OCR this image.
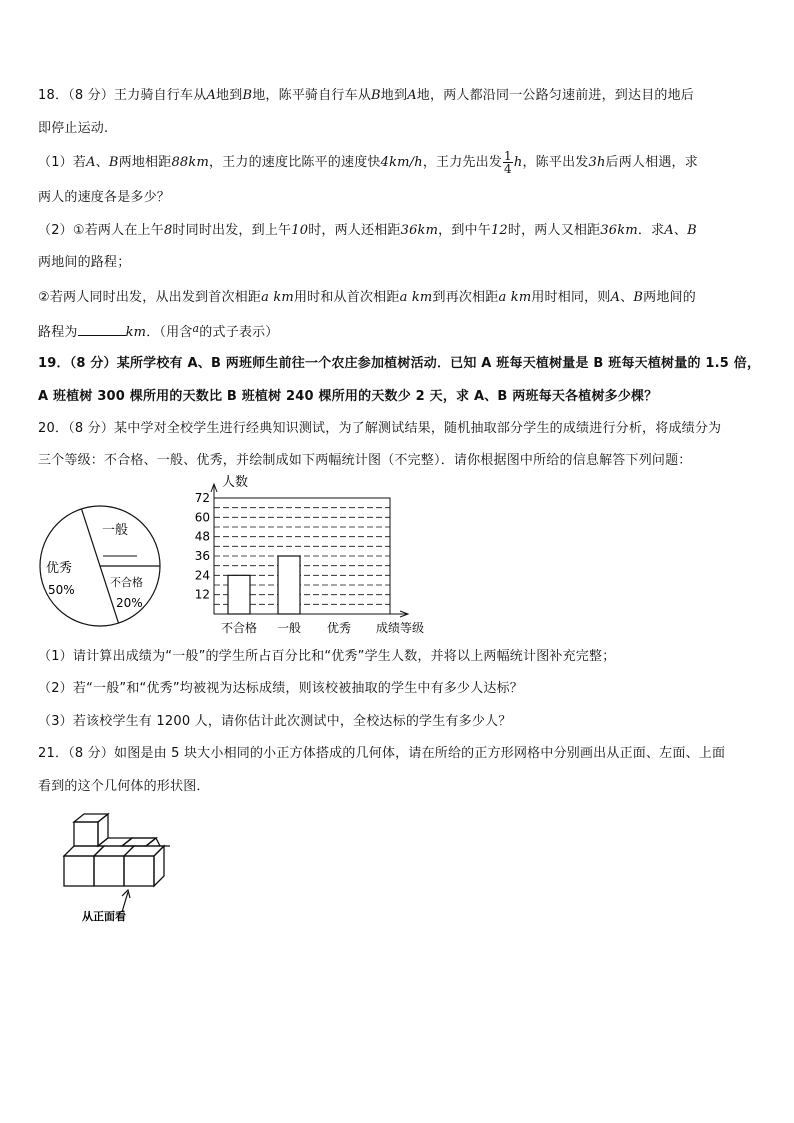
18．（8 分）王力骑自行车从A地到B地，陈平骑自行车从B地到A地，两人都沿同一公路匀速前进，到达目的地后
即停止运动.
（1）若A、B两地相距88km，王力的速度比陈平的速度快4km/h，王力先出发 $\frac{1}{4}$ h，陈平出发3h后两人相遇，求
两人的速度各是多少？
（2）①若两人在上午8时同时出发，到上午10时，两人还相距36km，到中午12时，两人又相距36km．求A、B
两地间的路程；
②若两人同时出发，从出发到首次相距a km用时和从首次相距a km到再次相距a km用时相同，则A、B两地间的
路程为	km．（用含$^a$的式子表示）
19．（8 分）某所学校有 A、B 两班师生前往一个农庄参加植树活动．已知 A 班每天植树量是 B 班每天植树量的 1.5 倍，
A 班植树 300 棵所用的天数比 B 班植树 240 棵所用的天数少 2 天，求 A、B 两班每天各植树多少棵？
20．（8 分）某中学对全校学生进行经典知识测试，为了解测试结果，随机抽取部分学生的成绩进行分析，将成绩分为
三个等级：不合格、一般、优秀，并绘制成如下两幅统计图（不完整）．请你根据图中所给的信息解答下列问题：
一般
优秀
50%
不合格
20%
人数
12
24
36
48
60
72
不合格 一般 优秀 成绩等级
（1）请计算出成绩为“一般”的学生所占百分比和“优秀”学生人数，并将以上两幅统计图补充完整；
（2）若“一般”和“优秀”均被视为达标成绩，则该校被抽取的学生中有多少人达标？
（3）若该校学生有 1200 人，请你估计此次测试中，全校达标的学生有多少人？
21．（8 分）如图是由 5 块大小相同的小正方体搭成的几何体，请在所给的正方形网格中分别画出从正面、左面、上面
看到的这个几何体的形状图．
从正面看
